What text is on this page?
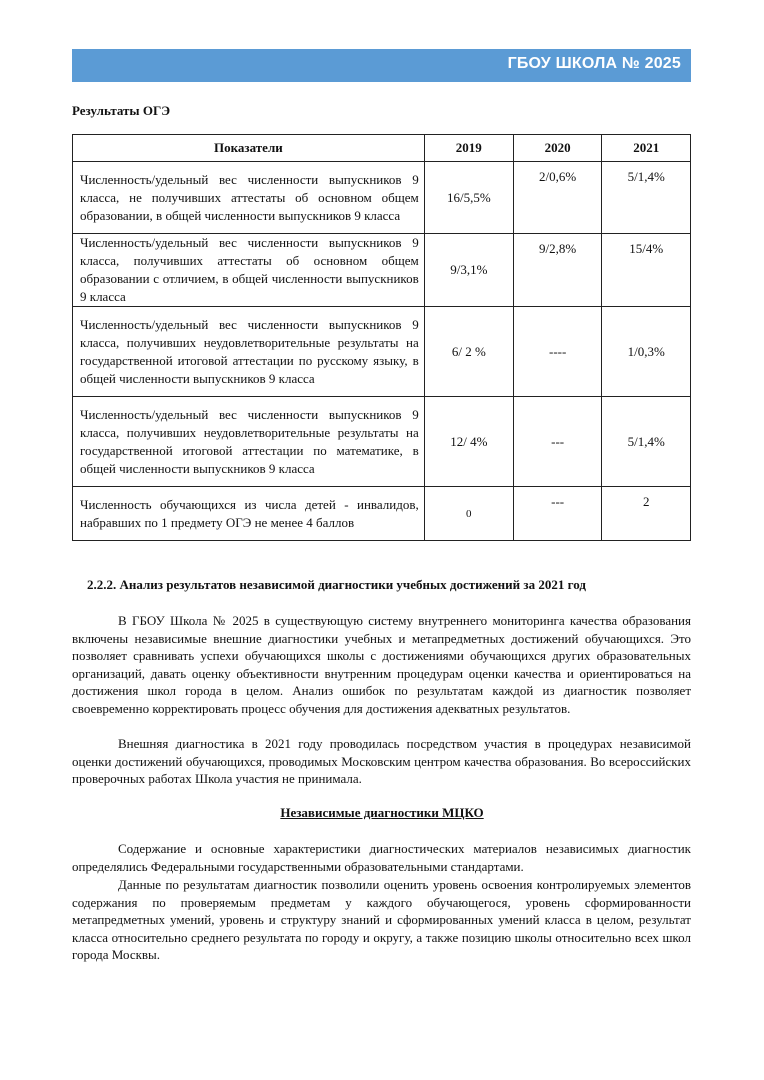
ГБОУ ШКОЛА № 2025
Результаты ОГЭ
Показатели	2019	2020	2021
Численность/удельный вес численности выпускников 9 класса, не получивших аттестаты об основном общем образовании, в общей численности выпускников 9 класса	16/5,5%	2/0,6%	5/1,4%
Численность/удельный вес численности выпускников 9 класса, получивших аттестаты об основном общем образовании с отличием, в общей численности выпускников 9 класса	9/3,1%	9/2,8%	15/4%
Численность/удельный вес численности выпускников 9 класса, получивших неудовлетворительные результаты на государственной итоговой аттестации по русскому языку, в общей численности выпускников 9 класса	6/ 2 %	----	1/0,3%
Численность/удельный вес численности выпускников 9 класса, получивших неудовлетворительные результаты на государственной итоговой аттестации по математике, в общей численности выпускников 9 класса	12/ 4%	---	5/1,4%
Численность обучающихся из числа детей - инвалидов, набравших по 1 предмету ОГЭ не менее 4 баллов	0	---	2
2.2.2. Анализ результатов независимой диагностики учебных достижений за 2021 год

В ГБОУ Школа № 2025 в существующую систему внутреннего мониторинга качества образования включены независимые внешние диагностики учебных и метапредметных достижений обучающихся. Это позволяет сравнивать успехи обучающихся школы с достижениями обучающихся других образовательных организаций, давать оценку объективности внутренним процедурам оценки качества и ориентироваться на достижения школ города в целом. Анализ ошибок по результатам каждой из диагностик позволяет своевременно корректировать процесс обучения для достижения адекватных результатов.

Внешняя диагностика в 2021 году проводилась посредством участия в процедурах независимой оценки достижений обучающихся, проводимых Московским центром качества образования. Во всероссийских проверочных работах Школа участия не принимала.

Независимые диагностики МЦКО

Содержание и основные характеристики диагностических материалов независимых диагностик определялись Федеральными государственными образовательными стандартами.

Данные по результатам диагностик позволили оценить уровень освоения контролируемых элементов содержания по проверяемым предметам у каждого обучающегося, уровень сформированности метапредметных умений, уровень и структуру знаний и сформированных умений класса в целом, результат класса относительно среднего результата по городу и округу, а также позицию школы относительно всех школ города Москвы.
